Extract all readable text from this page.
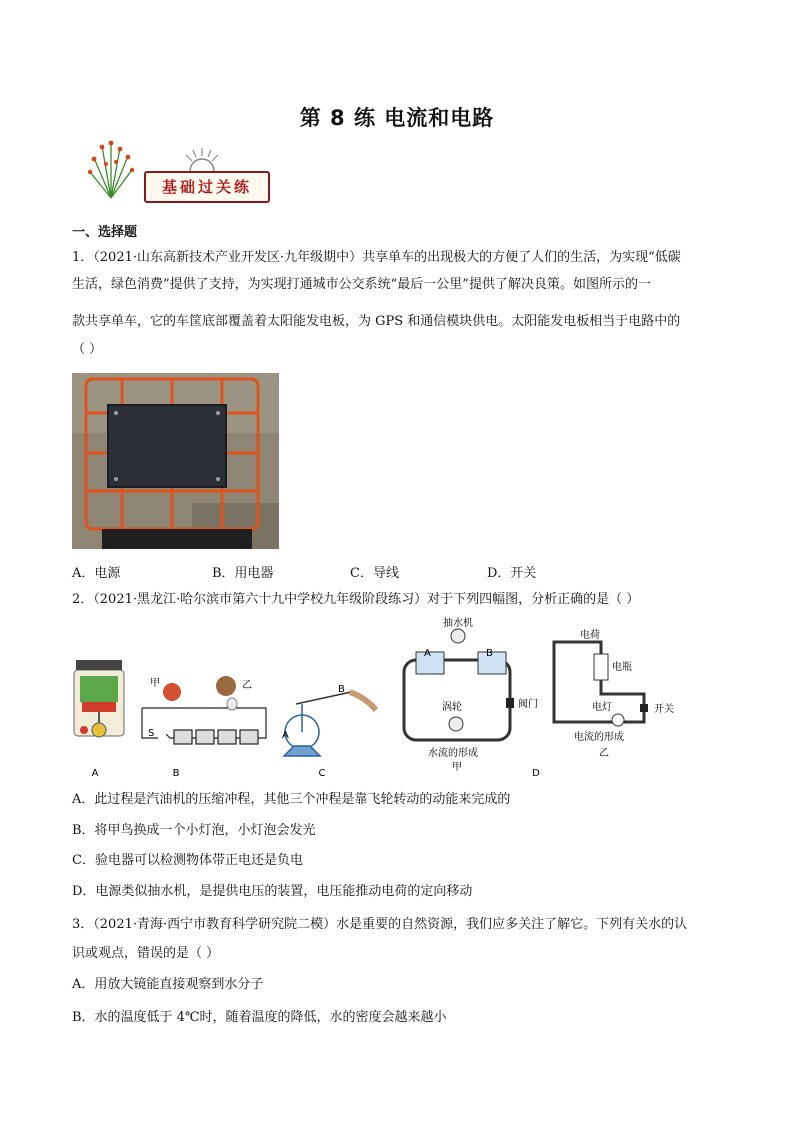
第 8 练 电流和电路
基础过关练
一、选择题
1．（2021·山东高新技术产业开发区·九年级期中）共享单车的出现极大的方便了人们的生活，为实现“低碳
生活，绿色消费”提供了支持，为实现打通城市公交系统“最后一公里”提供了解决良策。如图所示的一
款共享单车，它的车筐底部覆盖着太阳能发电板，为 GPS 和通信模块供电。太阳能发电板相当于电路中的
（ ）
A．电源	B．用电器	C．导线	D．开关
2．（2021·黑龙江·哈尔滨市第六十九中学校九年级阶段练习）对于下列四幅图，分析正确的是（ ）
A
甲	乙
S
B
A
B
C
抽水机
涡轮	阀门
水流的形成
甲
A	B
电荷
电瓶
电灯	开关
电流的形成
乙
D
A．此过程是汽油机的压缩冲程，其他三个冲程是靠飞轮转动的动能来完成的
B．将甲鸟换成一个小灯泡，小灯泡会发光
C．验电器可以检测物体带正电还是负电
D．电源类似抽水机，是提供电压的装置，电压能推动电荷的定向移动
3．（2021·青海·西宁市教育科学研究院二模）水是重要的自然资源，我们应多关注了解它。下列有关水的认
识或观点，错误的是（ ）
A．用放大镜能直接观察到水分子
B．水的温度低于 4℃时，随着温度的降低，水的密度会越来越小
